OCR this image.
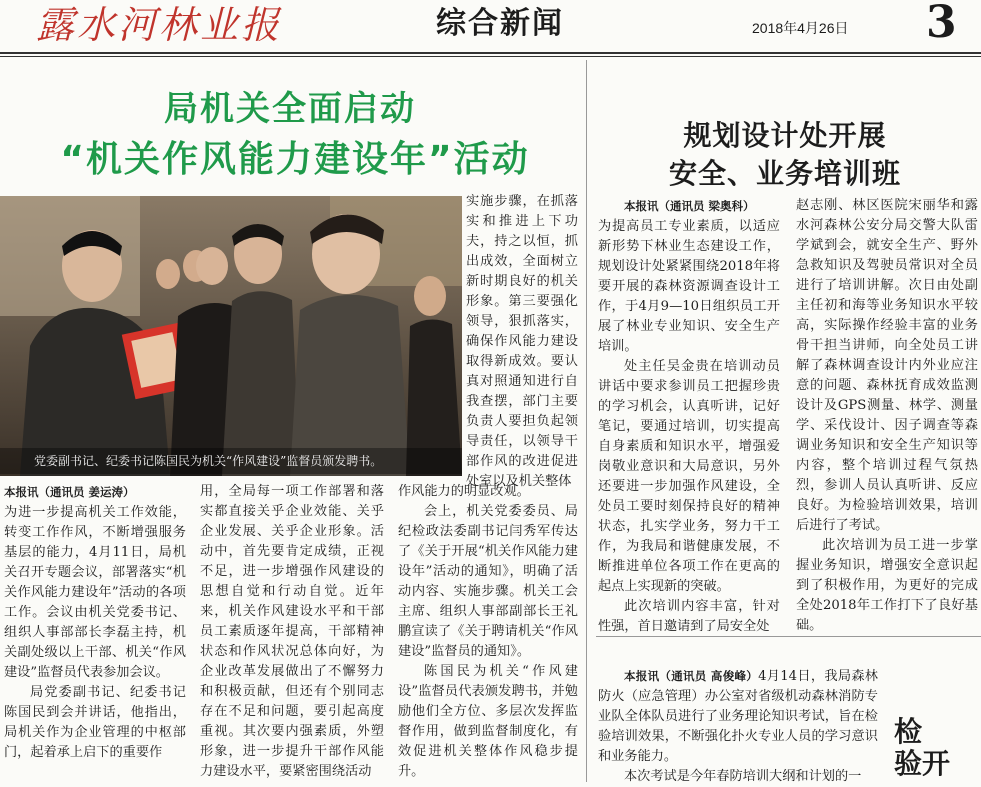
露水河林业报	综合新闻	2018年4月26日 3
局机关全面启动
“机关作风能力建设年”活动
党委副书记、纪委书记陈国民为机关“作风建设”监督员颁发聘书。

实施步骤，在抓落实和推进上下功夫，持之以恒，抓出成效，全面树立新时期良好的机关形象。第三要强化领导，狠抓落实，确保作风能力建设取得新成效。要认真对照通知进行自我查摆，部门主要负责人要担负起领导责任，以领导干部作风的改进促进处室以及机关整体

本报讯（通讯员 姜运涛）

为进一步提高机关工作效能，转变工作作风，不断增强服务基层的能力，4月11日，局机关召开专题会议，部署落实“机关作风能力建设年”活动的各项工作。会议由机关党委书记、组织人事部部长李磊主持，机关副处级以上干部、机关“作风建设”监督员代表参加会议。

局党委副书记、纪委书记陈国民到会并讲话，他指出，局机关作为企业管理的中枢部门，起着承上启下的重要作

用，全局每一项工作部署和落实都直接关乎企业效能、关乎企业发展、关乎企业形象。活动中，首先要肯定成绩，正视不足，进一步增强作风建设的思想自觉和行动自觉。近年来，机关作风建设水平和干部员工素质逐年提高，干部精神状态和作风状况总体向好，为企业改革发展做出了不懈努力和积极贡献，但还有个别同志存在不足和问题，要引起高度重视。其次要内强素质，外塑形象，进一步提升干部作风能力建设水平，要紧密围绕活动

作风能力的明显改观。

会上，机关党委委员、局纪检政法委副书记闫秀军传达了《关于开展“机关作风能力建设年”活动的通知》，明确了活动内容、实施步骤。机关工会主席、组织人事部副部长王礼鹏宣读了《关于聘请机关“作风建设”监督员的通知》。

陈国民为机关“作风建设”监督员代表颁发聘书，并勉励他们全方位、多层次发挥监督作用，做到监督制度化，有效促进机关整体作风稳步提升。

规划设计处开展
安全、业务培训班

本报讯（通讯员 梁奥科）

为提高员工专业素质，以适应新形势下林业生态建设工作，规划设计处紧紧围绕2018年将要开展的森林资源调查设计工作，于4月9—10日组织员工开展了林业专业知识、安全生产培训。

处主任吴金贵在培训动员讲话中要求参训员工把握珍贵的学习机会，认真听讲，记好笔记，要通过培训，切实提高自身素质和知识水平，增强爱岗敬业意识和大局意识，另外还要进一步加强作风建设，全处员工要时刻保持良好的精神状态，扎实学业务，努力干工作，为我局和谐健康发展，不断推进单位各项工作在更高的起点上实现新的突破。

此次培训内容丰富，针对性强，首日邀请到了局安全处

赵志刚、林区医院宋丽华和露水河森林公安分局交警大队雷学斌到会，就安全生产、野外急救知识及驾驶员常识对全员进行了培训讲解。次日由处副主任初和海等业务知识水平较高，实际操作经验丰富的业务骨干担当讲师，向全处员工讲解了森林调查设计内外业应注意的问题、森林抚育成效监测设计及GPS测量、林学、测量学、采伐设计、因子调查等森调业务知识和安全生产知识等内容，整个培训过程气氛热烈，参训人员认真听讲、反应良好。为检验培训效果，培训后进行了考试。

此次培训为员工进一步掌握业务知识，增强安全意识起到了积极作用，为更好的完成全处2018年工作打下了良好基础。

本报讯（通讯员 高俊峰）4月14日，我局森林防火（应急管理）办公室对省级机动森林消防专业队全体队员进行了业务理论知识考试，旨在检验培训效果，不断强化扑火专业人员的学习意识和业务能力。

本次考试是今年春防培训大纲和计划的一

检
验开
